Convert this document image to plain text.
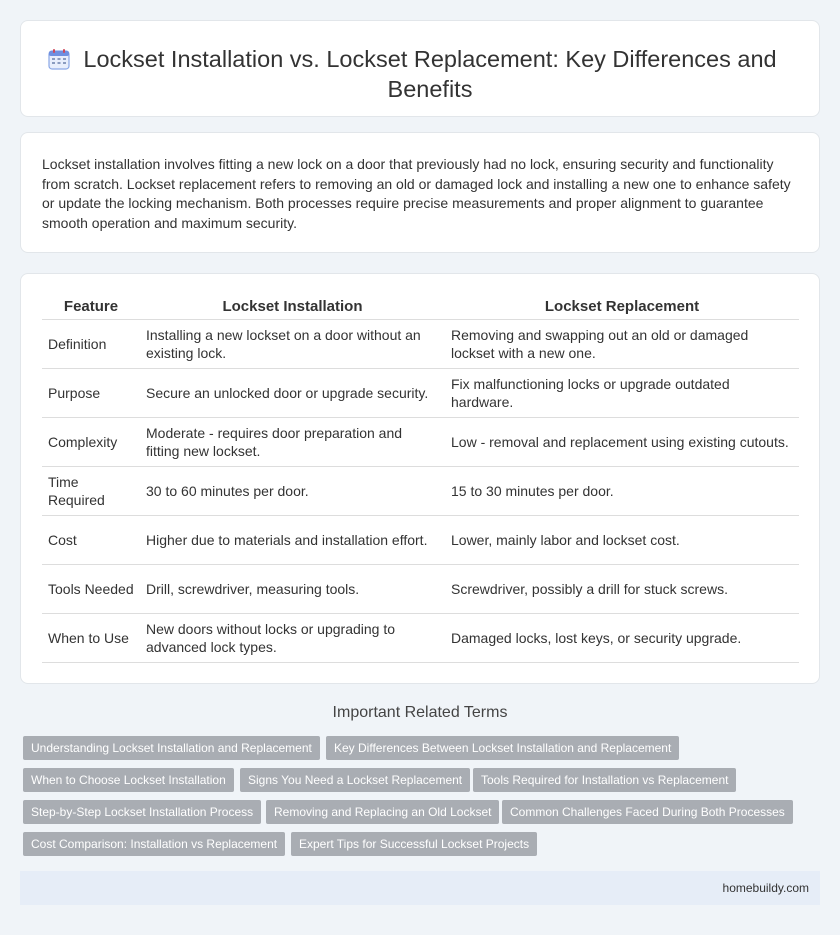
Lockset Installation vs. Lockset Replacement: Key Differences and Benefits

Lockset installation involves fitting a new lock on a door that previously had no lock, ensuring security and functionality from scratch. Lockset replacement refers to removing an old or damaged lock and installing a new one to enhance safety or update the locking mechanism. Both processes require precise measurements and proper alignment to guarantee smooth operation and maximum security.

Feature	Lockset Installation	Lockset Replacement
Definition	Installing a new lockset on a door without an existing lock.	Removing and swapping out an old or damaged lockset with a new one.
Purpose	Secure an unlocked door or upgrade security.	Fix malfunctioning locks or upgrade outdated hardware.
Complexity	Moderate - requires door preparation and fitting new lockset.	Low - removal and replacement using existing cutouts.
Time Required	30 to 60 minutes per door.	15 to 30 minutes per door.
Cost	Higher due to materials and installation effort.	Lower, mainly labor and lockset cost.
Tools Needed	Drill, screwdriver, measuring tools.	Screwdriver, possibly a drill for stuck screws.
When to Use	New doors without locks or upgrading to advanced lock types.	Damaged locks, lost keys, or security upgrade.
Important Related Terms
Understanding Lockset Installation and Replacement	Key Differences Between Lockset Installation and Replacement
When to Choose Lockset Installation	Signs You Need a Lockset Replacement	Tools Required for Installation vs Replacement
Step-by-Step Lockset Installation Process	Removing and Replacing an Old Lockset	Common Challenges Faced During Both Processes
Cost Comparison: Installation vs Replacement	Expert Tips for Successful Lockset Projects
homebuildy.com
